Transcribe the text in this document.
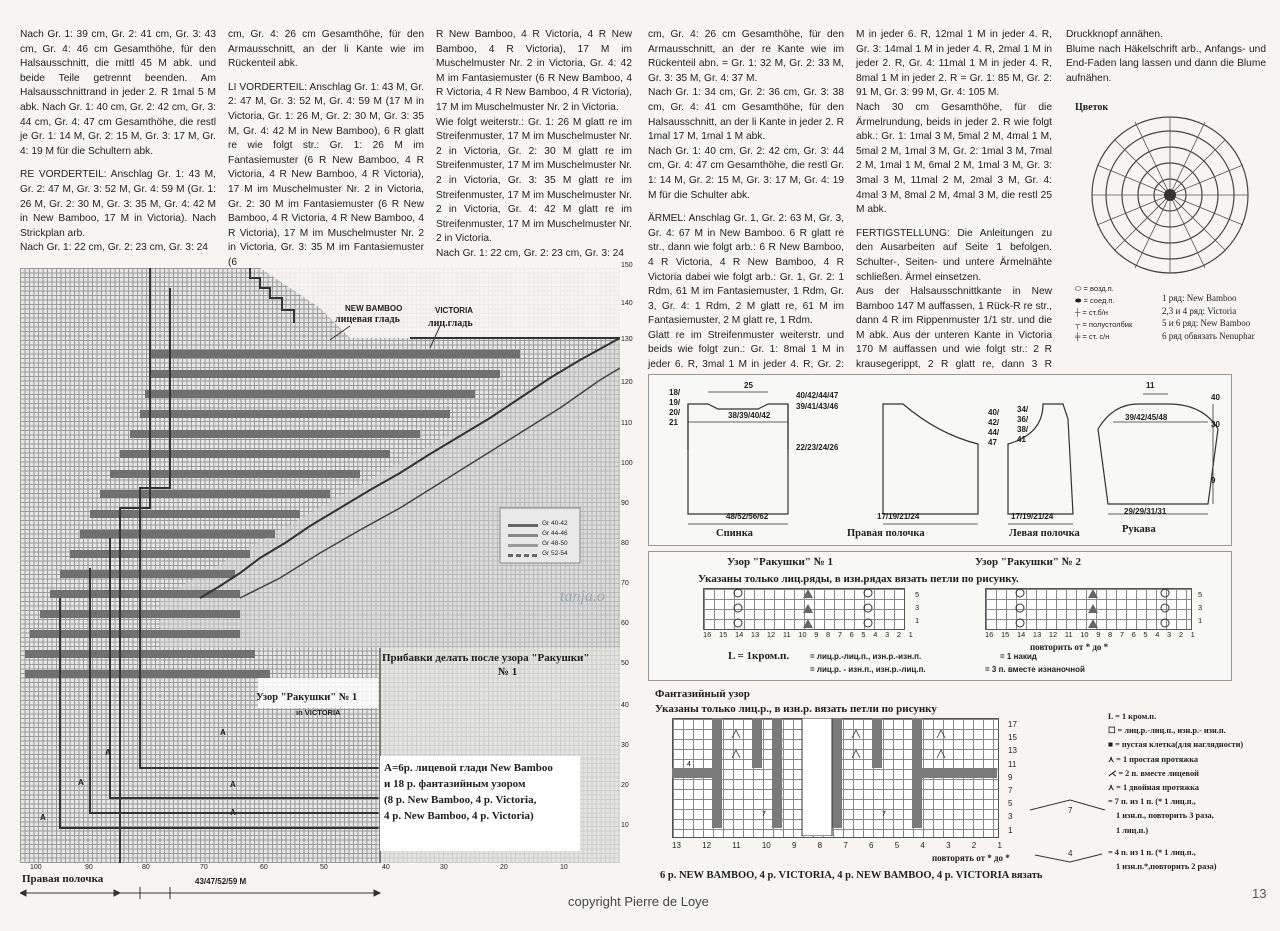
Nach Gr. 1: 39 cm, Gr. 2: 41 cm, Gr. 3: 43 cm, Gr. 4: 46 cm Gesamthöhe, für den Halsausschnitt, die mittl 45 M abk. und beide Teile getrennt beenden. Am Halsausschnittrand in jeder 2. R 1mal 5 M abk. Nach Gr. 1: 40 cm, Gr. 2: 42 cm, Gr. 3: 44 cm, Gr. 4: 47 cm Gesamthöhe, die restl je Gr. 1: 14 M, Gr. 2: 15 M, Gr. 3: 17 M, Gr. 4: 19 M für die Schultern abk.

RE VORDERTEIL: Anschlag Gr. 1: 43 M, Gr. 2: 47 M, Gr. 3: 52 M, Gr. 4: 59 M (Gr. 1: 26 M, Gr. 2: 30 M, Gr. 3: 35 M, Gr. 4: 42 M in New Bamboo, 17 M in Victoria). Nach Strickplan arb.

Nach Gr. 1: 22 cm, Gr. 2: 23 cm, Gr. 3: 24

cm, Gr. 4: 26 cm Gesamthöhe, für den Armausschnitt, an der li Kante wie im Rückenteil abk.

LI VORDERTEIL: Anschlag Gr. 1: 43 M, Gr. 2: 47 M, Gr. 3: 52 M, Gr. 4: 59 M (17 M in Victoria, Gr. 1: 26 M, Gr. 2: 30 M, Gr. 3: 35 M, Gr. 4: 42 M in New Bamboo), 6 R glatt re wie folgt str.: Gr. 1: 26 M im Fantasiemuster (6 R New Bamboo, 4 R Victoria, 4 R New Bamboo, 4 R Victoria), 17 M im Muschelmuster Nr. 2 in Victoria, Gr. 2: 30 M im Fantasiemuster (6 R New Bamboo, 4 R Victoria, 4 R New Bamboo, 4 R Victoria), 17 M im Muschelmuster Nr. 2 in Victoria, Gr. 3: 35 M im Fantasiemuster (6

R New Bamboo, 4 R Victoria, 4 R New Bamboo, 4 R Victoria), 17 M im Muschelmuster Nr. 2 in Victoria, Gr. 4: 42 M im Fantasiemuster (6 R New Bamboo, 4 R Victoria, 4 R New Bamboo, 4 R Victoria), 17 M im Muschelmuster Nr. 2 in Victoria.

Wie folgt weiterstr.: Gr. 1: 26 M glatt re im Streifenmuster, 17 M im Muschelmuster Nr. 2 in Victoria, Gr. 2: 30 M glatt re im Streifenmuster, 17 M im Muschelmuster Nr. 2 in Victoria, Gr. 3: 35 M glatt re im Streifenmuster, 17 M im Muschelmuster Nr. 2 in Victoria, Gr. 4: 42 M glatt re im Streifenmuster, 17 M im Muschelmuster Nr. 2 in Victoria.

Nach Gr. 1: 22 cm, Gr. 2: 23 cm, Gr. 3: 24

cm, Gr. 4: 26 cm Gesamthöhe, für den Armausschnitt, an der re Kante wie im Rückenteil abn. = Gr. 1: 32 M, Gr. 2: 33 M, Gr. 3: 35 M, Gr. 4: 37 M.

Nach Gr. 1: 34 cm, Gr. 2: 36 cm, Gr. 3: 38 cm, Gr. 4: 41 cm Gesamthöhe, für den Halsausschnitt, an der li Kante in jeder 2. R 1mal 17 M, 1mal 1 M abk.

Nach Gr. 1: 40 cm, Gr. 2: 42 cm, Gr. 3: 44 cm, Gr. 4: 47 cm Gesamthöhe, die restl Gr. 1: 14 M, Gr. 2: 15 M, Gr. 3: 17 M, Gr. 4: 19 M für die Schulter abk.

ÄRMEL: Anschlag Gr. 1, Gr. 2: 63 M, Gr. 3, Gr. 4: 67 M in New Bamboo. 6 R glatt re str., dann wie folgt arb.: 6 R New Bamboo, 4 R Victoria, 4 R New Bamboo, 4 R Victoria dabei wie folgt arb.: Gr. 1, Gr. 2: 1 Rdm, 61 M im Fantasiemuster, 1 Rdm, Gr. 3, Gr. 4: 1 Rdm, 2 M glatt re, 61 M im Fantasiemuster, 2 M glatt re, 1 Rdm.

Glatt re im Streifenmuster weiterstr. und beids wie folgt zun.: Gr. 1: 8mal 1 M in jeder 6. R, 3mal 1 M in jeder 4. R, Gr. 2:

M in jeder 6. R, 12mal 1 M in jeder 4. R, Gr. 3: 14mal 1 M in jeder 4. R, 2mal 1 M in jeder 2. R, Gr. 4: 11mal 1 M in jeder 4. R, 8mal 1 M in jeder 2. R = Gr. 1: 85 M, Gr. 2: 91 M, Gr. 3: 99 M, Gr. 4: 105 M.

Nach 30 cm Gesamthöhe, für die Ärmelrundung, beids in jeder 2. R wie folgt abk.: Gr. 1: 1mal 3 M, 5mal 2 M, 4mal 1 M, 5mal 2 M, 1mal 3 M, Gr. 2: 1mal 3 M, 7mal 2 M, 1mal 1 M, 6mal 2 M, 1mal 3 M, Gr. 3: 3mal 3 M, 11mal 2 M, 2mal 3 M, Gr. 4: 4mal 3 M, 8mal 2 M, 4mal 3 M, die restl 25 M abk.

FERTIGSTELLUNG: Die Anleitungen zu den Ausarbeiten auf Seite 1 befolgen. Schulter-, Seiten- und untere Ärmelnähte schließen. Ärmel einsetzen.

Aus der Halsausschnittkante in New Bamboo 147 M auffassen, 1 Rück-R re str., dann 4 R im Rippenmuster 1/1 str. und die M abk. Aus der unteren Kante in Victoria 170 M auffassen und wie folgt str.: 2 R krausegerippt, 2 R glatt re, dann 3 R

Druckknopf annähen.

Blume nach Häkelschrift arb., Anfangs- und End-Faden lang lassen und dann die Blume aufnähen.

NEW BAMBOO
лицевая гладь
VICTORIA
лиц.гладь
tanja.o
Gr 40-42
Gr 44-46
Gr 48-50
Gr 52-54
Прибавки делать после узора "Ракушки"
№ 1
Узор "Ракушки" № 1
in VICTORIA
A=6р. лицевой глади New Bamboo
и 18 р. фантазийным узором
(8 р. New Bamboo, 4 р. Victoria,
4 р. New Bamboo, 4 р. Victoria)
A
A
A
A
A
A
150
140
130
120
110
100
90
80
70
60
50
40
30
20
10
100	90	80	70	60	50	40	30	20	10
Правая полочка	43/47/52/59 M
Цветок
⬭ = возд.п.
⬬ = соед.п.
┼ = ст.б/н
┬ = полустолбик
╪ = ст. с/н
1 ряд: New Bamboo
2,3 и 4 ряд: Victoria
5 и 6 ряд: New Bamboo
6 ряд обвязать Nenuphar
25
38/39/40/42
18/
19/
20/
21
40/42/44/47
39/41/43/46
22/23/24/26
48/52/56/62
Спинка
40/
42/
44/
47
17/19/21/24
Правая полочка
34/
36/
38/
41
17/19/21/24
Левая полочка
11
39/42/45/48
40
30
9
29/29/31/31
Рукава
Узор "Ракушки" № 1	Узор "Ракушки" № 2
Указаны только лиц.ряды, в изн.рядах вязать петли по рисунку.
16 15 14 13 12 11 10 9 8 7 6 5 4 3 2 1	16 15 14 13 12 11 10 9 8 7 6 5 4 3 2 1
5
3
1
5
3
1
повторить от * до *
L = 1кром.п.	= лиц.р.-лиц.п., изн.р.-изн.п.	= 1 накид
= лиц.р. - изн.п., изн.р.-лиц.п.	= 3 п. вместе изнаночной
Фантазийный узор
Указаны только лиц.р., в изн.р. вязать петли по рисунку
4
7	7
17
15
13
11
9
7
5
3
1
13	12	11	10	9	8	7	6	5	4	3	2	1
повторять от * до *
6 р. NEW BAMBOO, 4 р. VICTORIA, 4 р. NEW BAMBOO, 4 р. VICTORIA вязать
L = 1 кром.п.
☐ = лиц.р.-лиц.п., изн.р.- изн.п.
■ = пустая клетка(для наглядности)
⋏ = 1 простая протяжка
⋌ = 2 п. вместе лицевой
⋏ = 1 двойная протяжка
= 7 п. из 1 п. (* 1 лиц.п.,
1 изн.п., повторить 3 раза,
1 лиц.п.)
= 4 п. из 1 п. (* 1 лиц.п.,
1 изн.п.*,повторить 2 раза)
7
4
copyright Pierre de Loye
13
